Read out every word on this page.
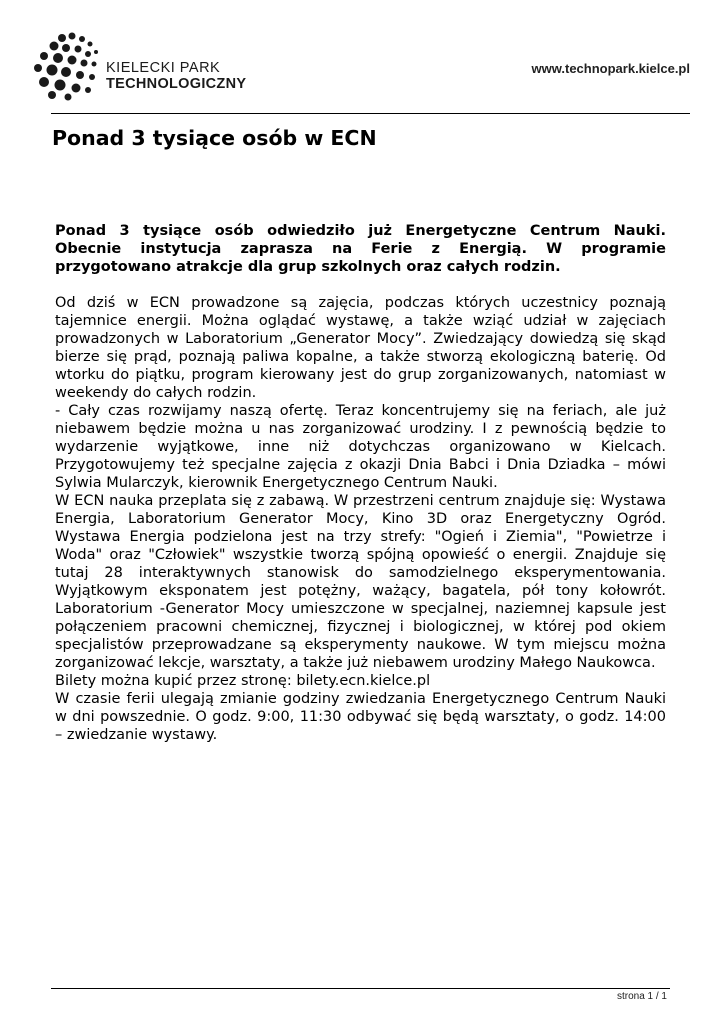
KIELECKI PARK
TECHNOLOGICZNY
www.technopark.kielce.pl
Ponad 3 tysiące osób w ECN

Ponad 3 tysiące osób odwiedziło już Energetyczne Centrum Nauki. Obecnie instytucja zaprasza na Ferie z Energią. W programie przygotowano atrakcje dla grup szkolnych oraz całych rodzin.

Od dziś w ECN prowadzone są zajęcia, podczas których uczestnicy poznają tajemnice energii. Można oglądać wystawę, a także wziąć udział w zajęciach prowadzonych w Laboratorium „Generator Mocy”. Zwiedzający dowiedzą się skąd bierze się prąd, poznają paliwa kopalne, a także stworzą ekologiczną baterię. Od wtorku do piątku, program kierowany jest do grup zorganizowanych, natomiast w weekendy do całych rodzin.

- Cały czas rozwijamy naszą ofertę. Teraz koncentrujemy się na feriach, ale już niebawem będzie można u nas zorganizować urodziny. I z pewnością będzie to wydarzenie wyjątkowe, inne niż dotychczas organizowano w Kielcach. Przygotowujemy też specjalne zajęcia z okazji Dnia Babci i Dnia Dziadka – mówi Sylwia Mularczyk, kierownik Energetycznego Centrum Nauki.

W ECN nauka przeplata się z zabawą. W przestrzeni centrum znajduje się: Wystawa Energia, Laboratorium Generator Mocy, Kino 3D oraz Energetyczny Ogród. Wystawa Energia podzielona jest na trzy strefy: "Ogień i Ziemia", "Powietrze i Woda" oraz "Człowiek" wszystkie tworzą spójną opowieść o energii. Znajduje się tutaj 28 interaktywnych stanowisk do samodzielnego eksperymentowania. Wyjątkowym eksponatem jest potężny, ważący, bagatela, pół tony kołowrót. Laboratorium -Generator Mocy umieszczone w specjalnej, naziemnej kapsule jest połączeniem pracowni chemicznej, fizycznej i biologicznej, w której pod okiem specjalistów przeprowadzane są eksperymenty naukowe. W tym miejscu można zorganizować lekcje, warsztaty, a także już niebawem urodziny Małego Naukowca.

Bilety można kupić przez stronę: bilety.ecn.kielce.pl

W czasie ferii ulegają zmianie godziny zwiedzania Energetycznego Centrum Nauki w dni powszednie. O godz. 9:00, 11:30 odbywać się będą warsztaty, o godz. 14:00 – zwiedzanie wystawy.

strona 1 / 1
